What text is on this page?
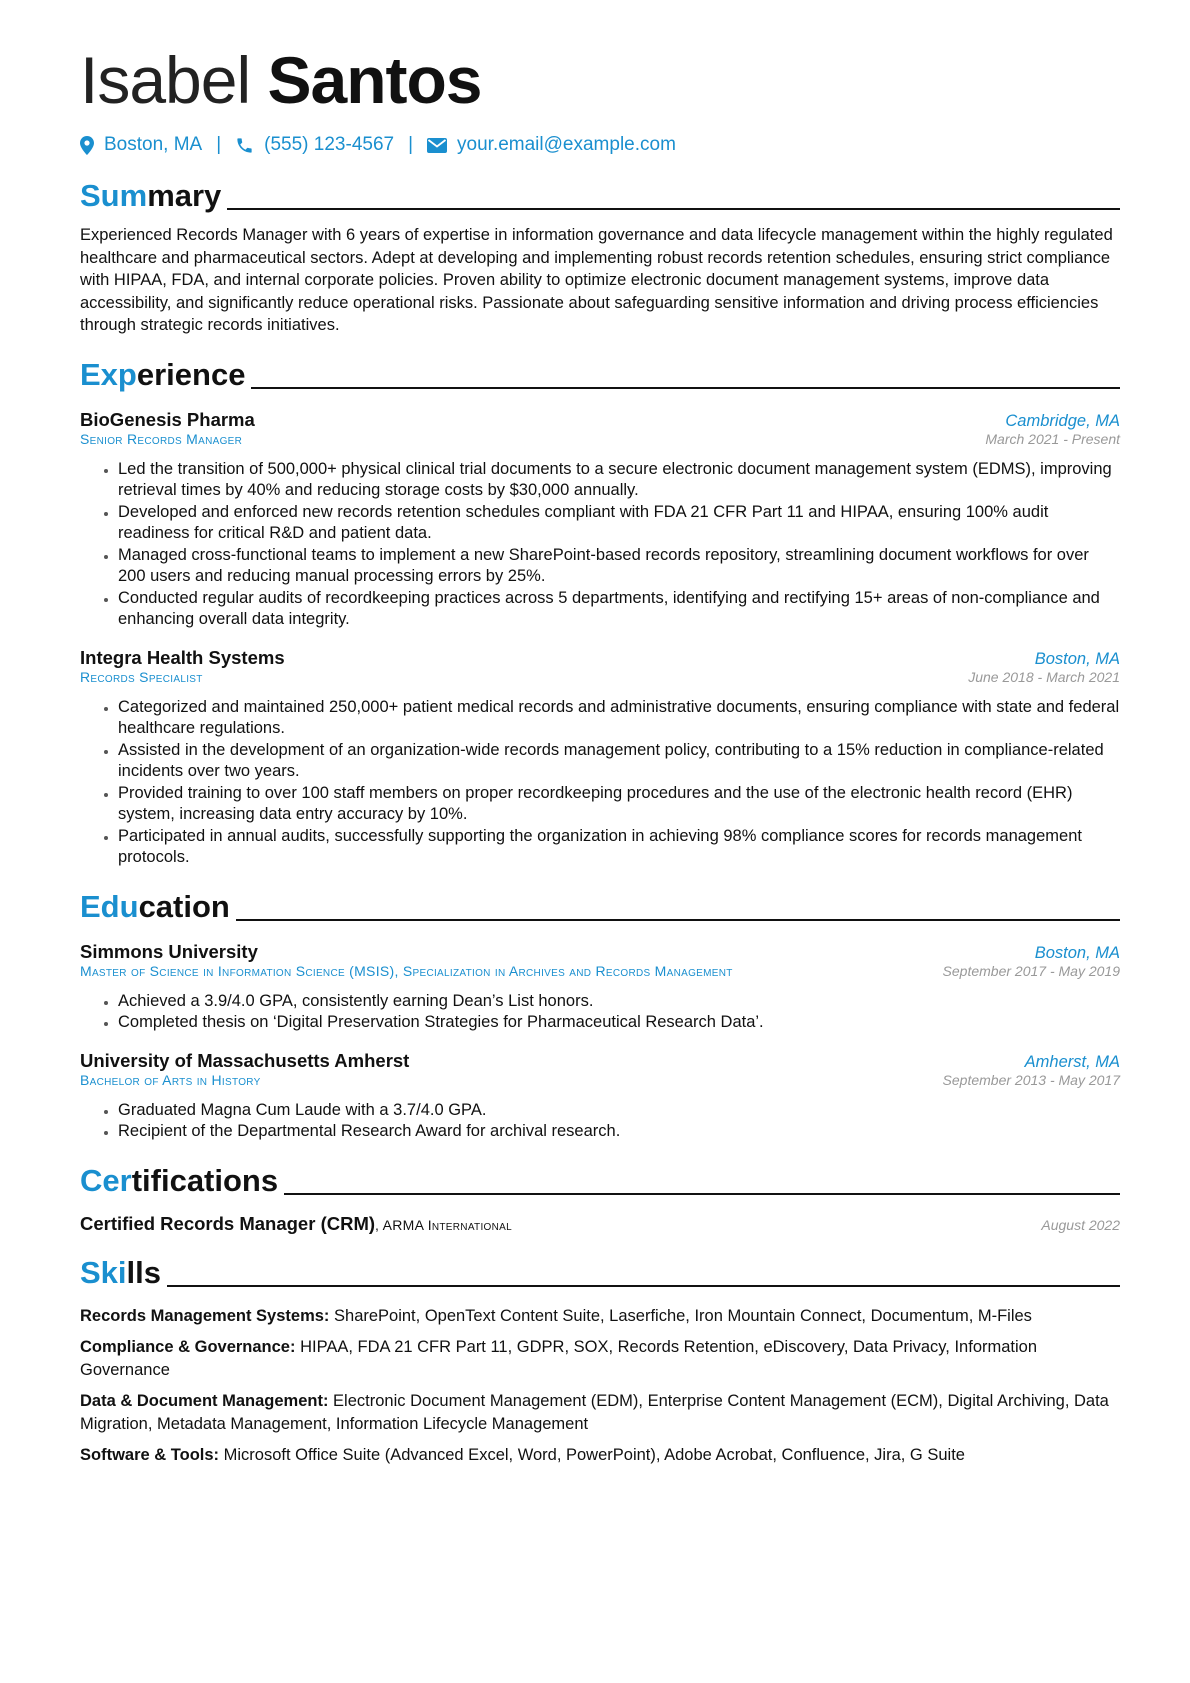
Isabel Santos
Boston, MA | (555) 123-4567 | your.email@example.com
Summary
Experienced Records Manager with 6 years of expertise in information governance and data lifecycle management within the highly regulated healthcare and pharmaceutical sectors. Adept at developing and implementing robust records retention schedules, ensuring strict compliance with HIPAA, FDA, and internal corporate policies. Proven ability to optimize electronic document management systems, improve data accessibility, and significantly reduce operational risks. Passionate about safeguarding sensitive information and driving process efficiencies through strategic records initiatives.
Experience
BioGenesis Pharma	Cambridge, MA
Senior Records Manager	March 2021 - Present
• Led the transition of 500,000+ physical clinical trial documents to a secure electronic document management system (EDMS), improving retrieval times by 40% and reducing storage costs by $30,000 annually.
• Developed and enforced new records retention schedules compliant with FDA 21 CFR Part 11 and HIPAA, ensuring 100% audit readiness for critical R&D and patient data.
• Managed cross-functional teams to implement a new SharePoint-based records repository, streamlining document workflows for over 200 users and reducing manual processing errors by 25%.
• Conducted regular audits of recordkeeping practices across 5 departments, identifying and rectifying 15+ areas of non-compliance and enhancing overall data integrity.
Integra Health Systems	Boston, MA
Records Specialist	June 2018 - March 2021
• Categorized and maintained 250,000+ patient medical records and administrative documents, ensuring compliance with state and federal healthcare regulations.
• Assisted in the development of an organization-wide records management policy, contributing to a 15% reduction in compliance-related incidents over two years.
• Provided training to over 100 staff members on proper recordkeeping procedures and the use of the electronic health record (EHR) system, increasing data entry accuracy by 10%.
• Participated in annual audits, successfully supporting the organization in achieving 98% compliance scores for records management protocols.
Education
Simmons University	Boston, MA
Master of Science in Information Science (MSIS), Specialization in Archives and Records Management	September 2017 - May 2019
• Achieved a 3.9/4.0 GPA, consistently earning Dean’s List honors.
• Completed thesis on ‘Digital Preservation Strategies for Pharmaceutical Research Data’.
University of Massachusetts Amherst	Amherst, MA
Bachelor of Arts in History	September 2013 - May 2017
• Graduated Magna Cum Laude with a 3.7/4.0 GPA.
• Recipient of the Departmental Research Award for archival research.
Certifications
Certified Records Manager (CRM), ARMA International	August 2022
Skills
Records Management Systems: SharePoint, OpenText Content Suite, Laserfiche, Iron Mountain Connect, Documentum, M-Files
Compliance & Governance: HIPAA, FDA 21 CFR Part 11, GDPR, SOX, Records Retention, eDiscovery, Data Privacy, Information Governance
Data & Document Management: Electronic Document Management (EDM), Enterprise Content Management (ECM), Digital Archiving, Data Migration, Metadata Management, Information Lifecycle Management
Software & Tools: Microsoft Office Suite (Advanced Excel, Word, PowerPoint), Adobe Acrobat, Confluence, Jira, G Suite
